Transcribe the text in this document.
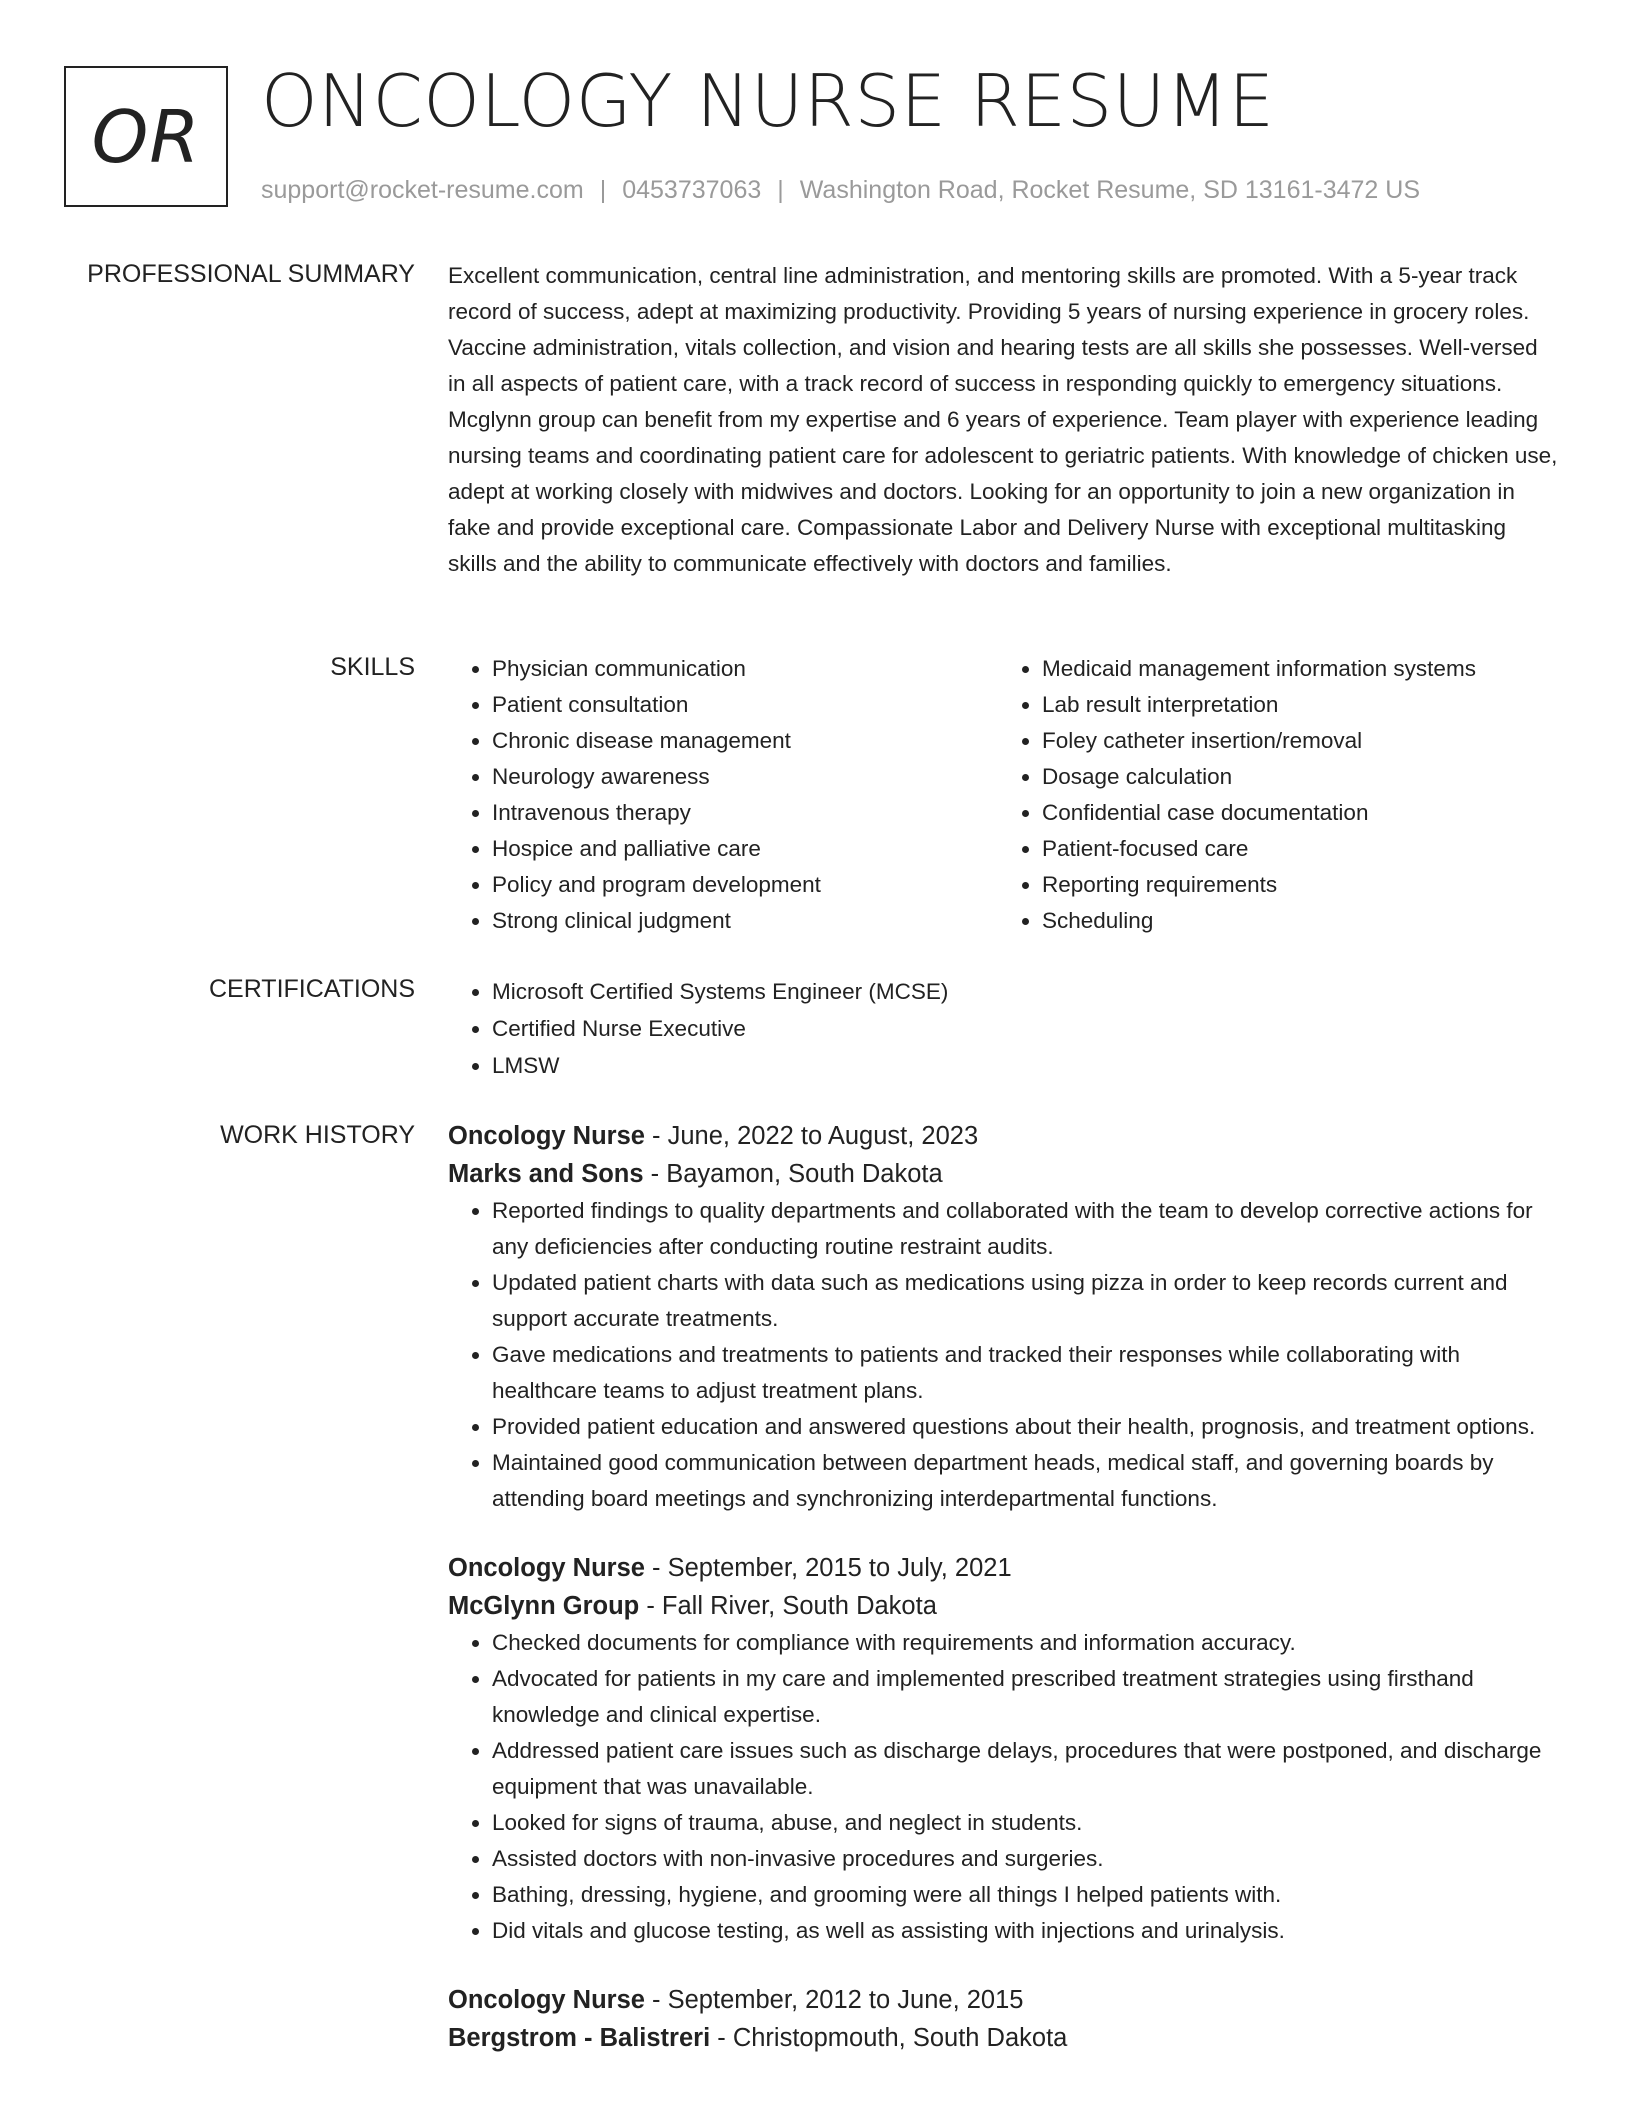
OR ONCOLOGY NURSE RESUME
support@rocket-resume.com | 0453737063 | Washington Road, Rocket Resume, SD 13161-3472 US
PROFESSIONAL SUMMARY Excellent communication, central line administration, and mentoring skills are promoted. With a 5-year track record of success, adept at maximizing productivity. Providing 5 years of nursing experience in grocery roles. Vaccine administration, vitals collection, and vision and hearing tests are all skills she possesses. Well-versed in all aspects of patient care, with a track record of success in responding quickly to emergency situations. Mcglynn group can benefit from my expertise and 6 years of experience. Team player with experience leading nursing teams and coordinating patient care for adolescent to geriatric patients. With knowledge of chicken use, adept at working closely with midwives and doctors. Looking for an opportunity to join a new organization in fake and provide exceptional care. Compassionate Labor and Delivery Nurse with exceptional multitasking skills and the ability to communicate effectively with doctors and families.

SKILLS	• Physician communication
• Patient consultation
• Chronic disease management
• Neurology awareness
• Intravenous therapy
• Hospice and palliative care
• Policy and program development
• Strong clinical judgment
• Medicaid management information systems
• Lab result interpretation
• Foley catheter insertion/removal
• Dosage calculation
• Confidential case documentation
• Patient-focused care
• Reporting requirements
• Scheduling
CERTIFICATIONS	• Microsoft Certified Systems Engineer (MCSE)
• Certified Nurse Executive
• LMSW
WORK HISTORY Oncology Nurse - June, 2022 to August, 2023
Marks and Sons - Bayamon, South Dakota
• Reported findings to quality departments and collaborated with the team to develop corrective actions for any deficiencies after conducting routine restraint audits.
• Updated patient charts with data such as medications using pizza in order to keep records current and support accurate treatments.
• Gave medications and treatments to patients and tracked their responses while collaborating with healthcare teams to adjust treatment plans.
• Provided patient education and answered questions about their health, prognosis, and treatment options.
• Maintained good communication between department heads, medical staff, and governing boards by attending board meetings and synchronizing interdepartmental functions.
Oncology Nurse - September, 2015 to July, 2021
McGlynn Group - Fall River, South Dakota
• Checked documents for compliance with requirements and information accuracy.
• Advocated for patients in my care and implemented prescribed treatment strategies using firsthand knowledge and clinical expertise.
• Addressed patient care issues such as discharge delays, procedures that were postponed, and discharge equipment that was unavailable.
• Looked for signs of trauma, abuse, and neglect in students.
• Assisted doctors with non-invasive procedures and surgeries.
• Bathing, dressing, hygiene, and grooming were all things I helped patients with.
• Did vitals and glucose testing, as well as assisting with injections and urinalysis.
Oncology Nurse - September, 2012 to June, 2015
Bergstrom - Balistreri - Christopmouth, South Dakota
